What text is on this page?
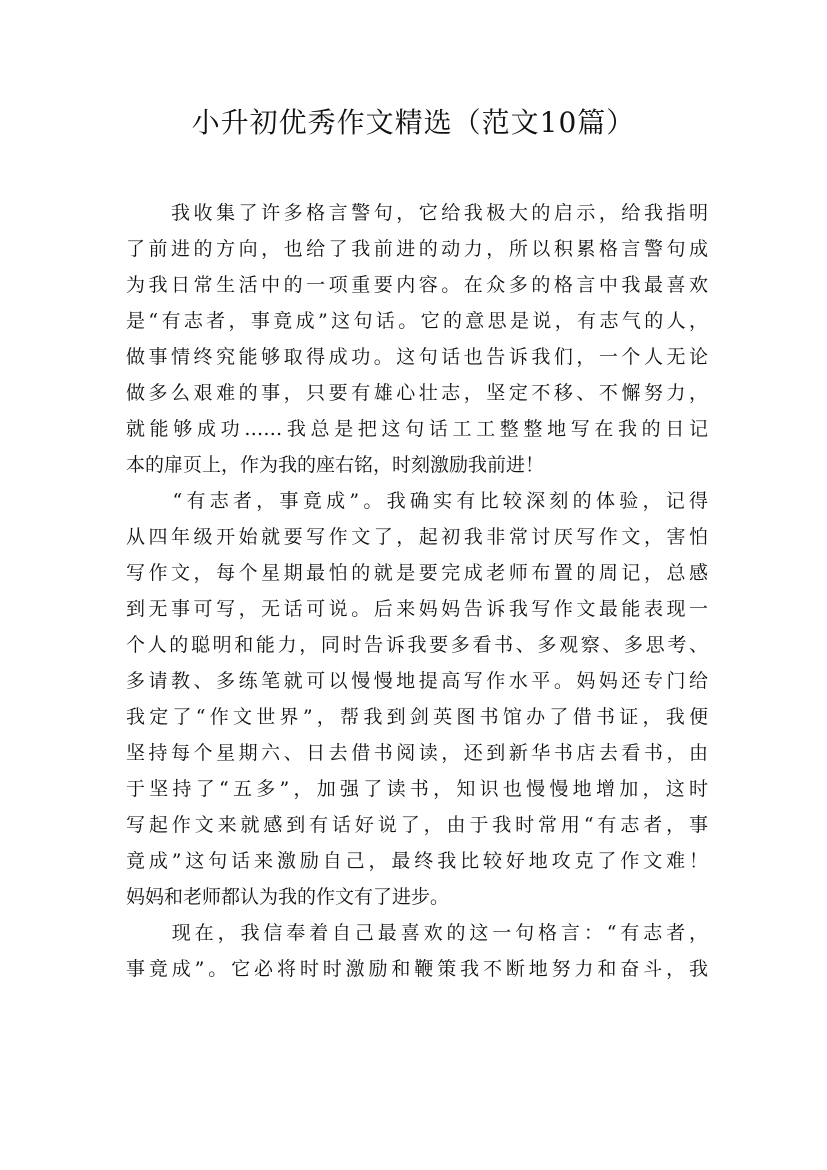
小升初优秀作文精选（范文10篇）
　　我收集了许多格言警句，它给我极大的启示，给我指明
了前进的方向，也给了我前进的动力，所以积累格言警句成
为我日常生活中的一项重要内容。在众多的格言中我最喜欢
是“有志者，事竟成”这句话。它的意思是说，有志气的人，
做事情终究能够取得成功。这句话也告诉我们，一个人无论
做多么艰难的事，只要有雄心壮志，坚定不移、不懈努力，
就能够成功……我总是把这句话工工整整地写在我的日记
本的扉页上，作为我的座右铭，时刻激励我前进！
　　“有志者，事竟成”。我确实有比较深刻的体验，记得
从四年级开始就要写作文了，起初我非常讨厌写作文，害怕
写作文，每个星期最怕的就是要完成老师布置的周记，总感
到无事可写，无话可说。后来妈妈告诉我写作文最能表现一
个人的聪明和能力，同时告诉我要多看书、多观察、多思考、
多请教、多练笔就可以慢慢地提高写作水平。妈妈还专门给
我定了“作文世界”，帮我到剑英图书馆办了借书证，我便
坚持每个星期六、日去借书阅读，还到新华书店去看书，由
于坚持了“五多”，加强了读书，知识也慢慢地增加，这时
写起作文来就感到有话好说了，由于我时常用“有志者，事
竟成”这句话来激励自己，最终我比较好地攻克了作文难！
妈妈和老师都认为我的作文有了进步。
　　现在，我信奉着自己最喜欢的这一句格言：“有志者，
事竟成”。它必将时时激励和鞭策我不断地努力和奋斗，我
